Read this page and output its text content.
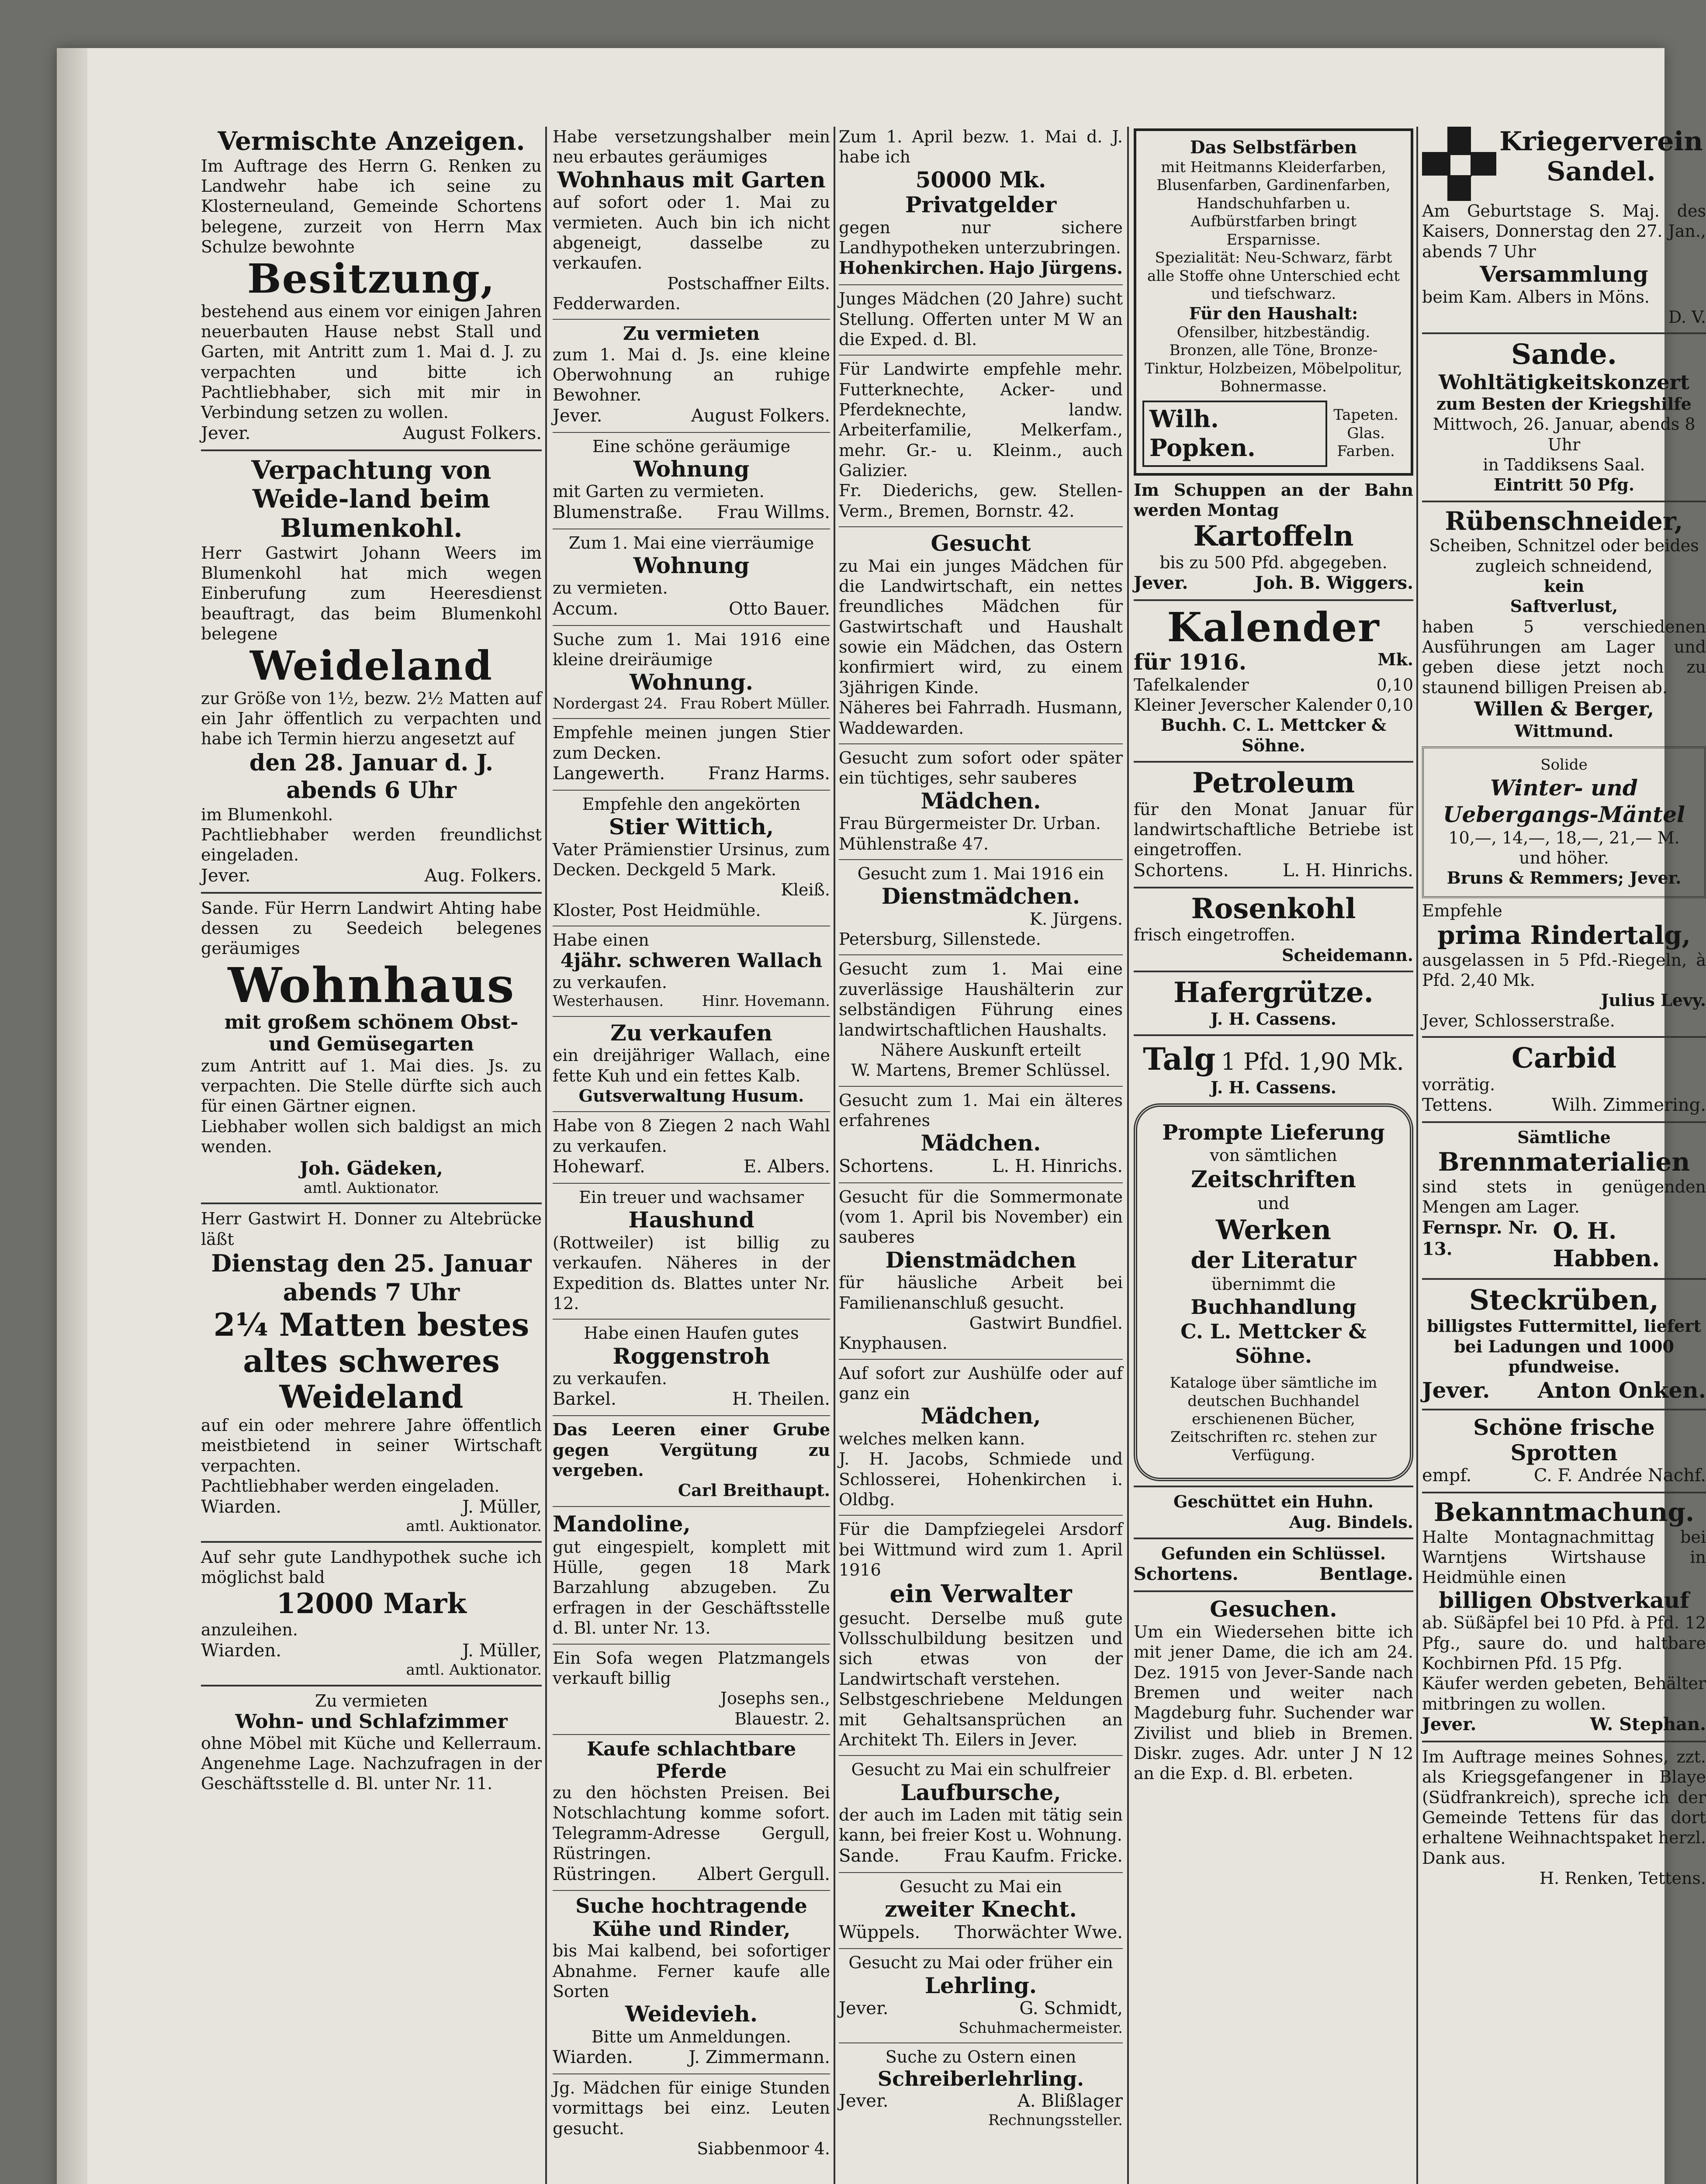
Vermischte Anzeigen.
Im Auftrage des Herrn G. Renken zu Landwehr habe ich seine zu Klosterneuland, Gemeinde Schortens belegene, zurzeit von Herrn Max Schulze bewohnte
Besitzung,
bestehend aus einem vor einigen Jahren neuerbauten Hause nebst Stall und Garten, mit Antritt zum 1. Mai d. J. zu verpachten und bitte ich Pachtliebhaber, sich mit mir in Verbindung setzen zu wollen.
Jever.	August Folkers.
Verpachtung von Weide-land beim Blumenkohl.
Herr Gastwirt Johann Weers im Blumenkohl hat mich wegen Einberufung zum Heeresdienst beauftragt, das beim Blumenkohl belegene
Weideland
zur Größe von 1½, bezw. 2½ Matten auf ein Jahr öffentlich zu verpachten und habe ich Termin hierzu angesetzt auf
den 28. Januar d. J.
abends 6 Uhr
im Blumenkohl.
Pachtliebhaber werden freundlichst eingeladen.
Jever.	Aug. Folkers.
Sande. Für Herrn Landwirt Ahting habe dessen zu Seedeich belegenes geräumiges
Wohnhaus
mit großem schönem Obst- und Gemüsegarten
zum Antritt auf 1. Mai dies. Js. zu verpachten. Die Stelle dürfte sich auch für einen Gärtner eignen.
Liebhaber wollen sich baldigst an mich wenden.
Joh. Gädeken,
amtl. Auktionator.
Herr Gastwirt H. Donner zu Altebrücke läßt
Dienstag den 25. Januar
abends 7 Uhr
2¼ Matten bestes altes schweres Weideland
auf ein oder mehrere Jahre öffentlich meistbietend in seiner Wirtschaft verpachten.
Pachtliebhaber werden eingeladen.
Wiarden.	J. Müller,
amtl. Auktionator.
Auf sehr gute Landhypothek suche ich möglichst bald
12000 Mark
anzuleihen.
Wiarden.	J. Müller,
amtl. Auktionator.
Zu vermieten
Wohn- und Schlafzimmer
ohne Möbel mit Küche und Kellerraum. Angenehme Lage. Nachzufragen in der Geschäftsstelle d. Bl. unter Nr. 11.
Habe versetzungshalber mein neu erbautes geräumiges
Wohnhaus mit Garten
auf sofort oder 1. Mai zu vermieten. Auch bin ich nicht abgeneigt, dasselbe zu verkaufen.
Postschaffner Eilts.
Fedderwarden.
Zu vermieten
zum 1. Mai d. Js. eine kleine Oberwohnung an ruhige Bewohner.
Jever.	August Folkers.
Eine schöne geräumige
Wohnung
mit Garten zu vermieten.
Blumenstraße. Frau Willms.
Zum 1. Mai eine vierräumige
Wohnung
zu vermieten.
Accum.	Otto Bauer.
Suche zum 1. Mai 1916 eine kleine dreiräumige
Wohnung.
Nordergast 24. Frau Robert Müller.
Empfehle meinen jungen Stier zum Decken.
Langewerth. Franz Harms.
Empfehle den angekörten
Stier Wittich,
Vater Prämienstier Ursinus, zum Decken. Deckgeld 5 Mark.
Kleiß.
Kloster, Post Heidmühle.
Habe einen
4jähr. schweren Wallach
zu verkaufen.
Westerhausen.	Hinr. Hovemann.
Zu verkaufen
ein dreijähriger Wallach, eine fette Kuh und ein fettes Kalb.
Gutsverwaltung Husum.
Habe von 8 Ziegen 2 nach Wahl zu verkaufen.
Hohewarf.	E. Albers.
Ein treuer und wachsamer
Haushund
(Rottweiler) ist billig zu verkaufen. Näheres in der Expedition ds. Blattes unter Nr. 12.
Habe einen Haufen gutes
Roggenstroh
zu verkaufen.
Barkel.	H. Theilen.
Das Leeren einer Grube gegen Vergütung zu vergeben.
Carl Breithaupt.
Mandoline,
gut eingespielt, komplett mit Hülle, gegen 18 Mark Barzahlung abzugeben. Zu erfragen in der Geschäftsstelle d. Bl. unter Nr. 13.
Ein Sofa wegen Platzmangels verkauft billig
Josephs sen.,
Blauestr. 2.
Kaufe schlachtbare Pferde
zu den höchsten Preisen. Bei Notschlachtung komme sofort. Telegramm-Adresse Gergull, Rüstringen.
Rüstringen. Albert Gergull.
Suche hochtragende Kühe und Rinder,
bis Mai kalbend, bei sofortiger Abnahme. Ferner kaufe alle Sorten
Weidevieh.
Bitte um Anmeldungen.
Wiarden.	J. Zimmermann.
Jg. Mädchen für einige Stunden vormittags bei einz. Leuten gesucht.
Siabbenmoor 4.
Zum 1. April bezw. 1. Mai d. J. habe ich
50000 Mk. Privatgelder
gegen nur sichere Landhypotheken unterzubringen.
Hohenkirchen. Hajo Jürgens.
Junges Mädchen (20 Jahre) sucht Stellung. Offerten unter M W an die Exped. d. Bl.
Für Landwirte empfehle mehr. Futterknechte, Acker- und Pferdeknechte, landw. Arbeiterfamilie, Melkerfam., mehr. Gr.- u. Kleinm., auch Galizier.
Fr. Diederichs, gew. Stellen-Verm., Bremen, Bornstr. 42.
Gesucht
zu Mai ein junges Mädchen für die Landwirtschaft, ein nettes freundliches Mädchen für Gastwirtschaft und Haushalt sowie ein Mädchen, das Ostern konfirmiert wird, zu einem 3jährigen Kinde.
Näheres bei Fahrradh. Husmann, Waddewarden.
Gesucht zum sofort oder später ein tüchtiges, sehr sauberes
Mädchen.
Frau Bürgermeister Dr. Urban.
Mühlenstraße 47.
Gesucht zum 1. Mai 1916 ein
Dienstmädchen.
K. Jürgens.
Petersburg, Sillenstede.
Gesucht zum 1. Mai eine zuverlässige Haushälterin zur selbständigen Führung eines landwirtschaftlichen Haushalts.
Nähere Auskunft erteilt
W. Martens, Bremer Schlüssel.
Gesucht zum 1. Mai ein älteres erfahrenes
Mädchen.
Schortens.	L. H. Hinrichs.
Gesucht für die Sommermonate (vom 1. April bis November) ein sauberes
Dienstmädchen
für häusliche Arbeit bei Familienanschluß gesucht.
Gastwirt Bundfiel.
Knyphausen.
Auf sofort zur Aushülfe oder auf ganz ein
Mädchen,
welches melken kann.
J. H. Jacobs, Schmiede und Schlosserei, Hohenkirchen i. Oldbg.
Für die Dampfziegelei Arsdorf bei Wittmund wird zum 1. April 1916
ein Verwalter
gesucht. Derselbe muß gute Vollsschulbildung besitzen und sich etwas von der Landwirtschaft verstehen.
Selbstgeschriebene Meldungen mit Gehaltsansprüchen an Architekt Th. Eilers in Jever.
Gesucht zu Mai ein schulfreier
Laufbursche,
der auch im Laden mit tätig sein kann, bei freier Kost u. Wohnung.
Sande.	Frau Kaufm. Fricke.
Gesucht zu Mai ein
zweiter Knecht.
Wüppels. Thorwächter Wwe.
Gesucht zu Mai oder früher ein
Lehrling.
Jever.	G. Schmidt,
Schuhmachermeister.
Suche zu Ostern einen
Schreiberlehrling.
Jever.	A. Blißlager
Rechnungssteller.
Das Selbstfärben
mit Heitmanns Kleiderfarben, Blusenfarben, Gardinenfarben, Handschuhfarben u. Aufbürstfarben bringt Ersparnisse.
Spezialität: Neu-Schwarz, färbt alle Stoffe ohne Unterschied echt und tiefschwarz.
Für den Haushalt:
Ofensilber, hitzbeständig. Bronzen, alle Töne, Bronze-Tinktur, Holzbeizen, Möbelpolitur, Bohnermasse.
Wilh. Popken.
Tapeten. Glas. Farben.
Im Schuppen an der Bahn werden Montag
Kartoffeln
bis zu 500 Pfd. abgegeben.
Jever.	Joh. B. Wiggers.
Kalender
für 1916.	Mk.
Tafelkalender	0,10
Kleiner Jeverscher Kalender 0,10
Buchh. C. L. Mettcker & Söhne.
Petroleum
für den Monat Januar für landwirtschaftliche Betriebe ist eingetroffen.
Schortens.	L. H. Hinrichs.
Rosenkohl
frisch eingetroffen.
Scheidemann.
Hafergrütze.
J. H. Cassens.
Talg 1 Pfd. 1,90 Mk.
J. H. Cassens.
Prompte Lieferung
von sämtlichen
Zeitschriften
und
Werken
der Literatur
übernimmt die
Buchhandlung
C. L. Mettcker & Söhne.
Kataloge über sämtliche im deutschen Buchhandel erschienenen Bücher, Zeitschriften rc. stehen zur Verfügung.
Geschüttet ein Huhn.
Aug. Bindels.
Gefunden ein Schlüssel.
Schortens.	Bentlage.
Gesuchen.
Um ein Wiedersehen bitte ich mit jener Dame, die ich am 24. Dez. 1915 von Jever-Sande nach Bremen und weiter nach Magdeburg fuhr. Suchender war Zivilist und blieb in Bremen. Diskr. zuges. Adr. unter J N 12 an die Exp. d. Bl. erbeten.
Kriegerverein Sandel.
Am Geburtstage S. Maj. des Kaisers, Donnerstag den 27. Jan., abends 7 Uhr
Versammlung
beim Kam. Albers in Möns.
D. V.
Sande.
Wohltätigkeitskonzert
zum Besten der Kriegshilfe
Mittwoch, 26. Januar, abends 8 Uhr
in Taddiksens Saal.
Eintritt 50 Pfg.
Rübenschneider,
Scheiben, Schnitzel oder beides zugleich schneidend,
kein
Saftverlust,
haben 5 verschiedenen Ausführungen am Lager und geben diese jetzt noch zu staunend billigen Preisen ab.
Willen & Berger,
Wittmund.
Solide
Winter- und Uebergangs-Mäntel
10,—, 14,—, 18,—, 21,— M. und höher.
Bruns & Remmers; Jever.
Empfehle
prima Rindertalg,
ausgelassen in 5 Pfd.-Riegeln, à Pfd. 2,40 Mk.
Julius Levy.
Jever, Schlosserstraße.
Carbid
vorrätig.
Tettens.	Wilh. Zimmering.
Sämtliche
Brennmaterialien
sind stets in genügenden Mengen am Lager.
Fernspr. Nr. 13.
O. H. Habben.
Steckrüben,
billigstes Futtermittel, liefert bei Ladungen und 1000 pfundweise.
Jever. Anton Onken.
Schöne frische Sprotten
empf.	C. F. Andrée Nachf.
Bekanntmachung.
Halte Montagnachmittag bei Warntjens Wirtshause in Heidmühle einen
billigen Obstverkauf
ab. Süßäpfel bei 10 Pfd. à Pfd. 12 Pfg., saure do. und haltbare Kochbirnen Pfd. 15 Pfg.
Käufer werden gebeten, Behälter mitbringen zu wollen.
Jever.	W. Stephan.
Im Auftrage meines Sohnes, zzt. als Kriegsgefangener in Blaye (Südfrankreich), spreche ich der Gemeinde Tettens für das dort erhaltene Weihnachtspaket herzl. Dank aus.
H. Renken, Tettens.
